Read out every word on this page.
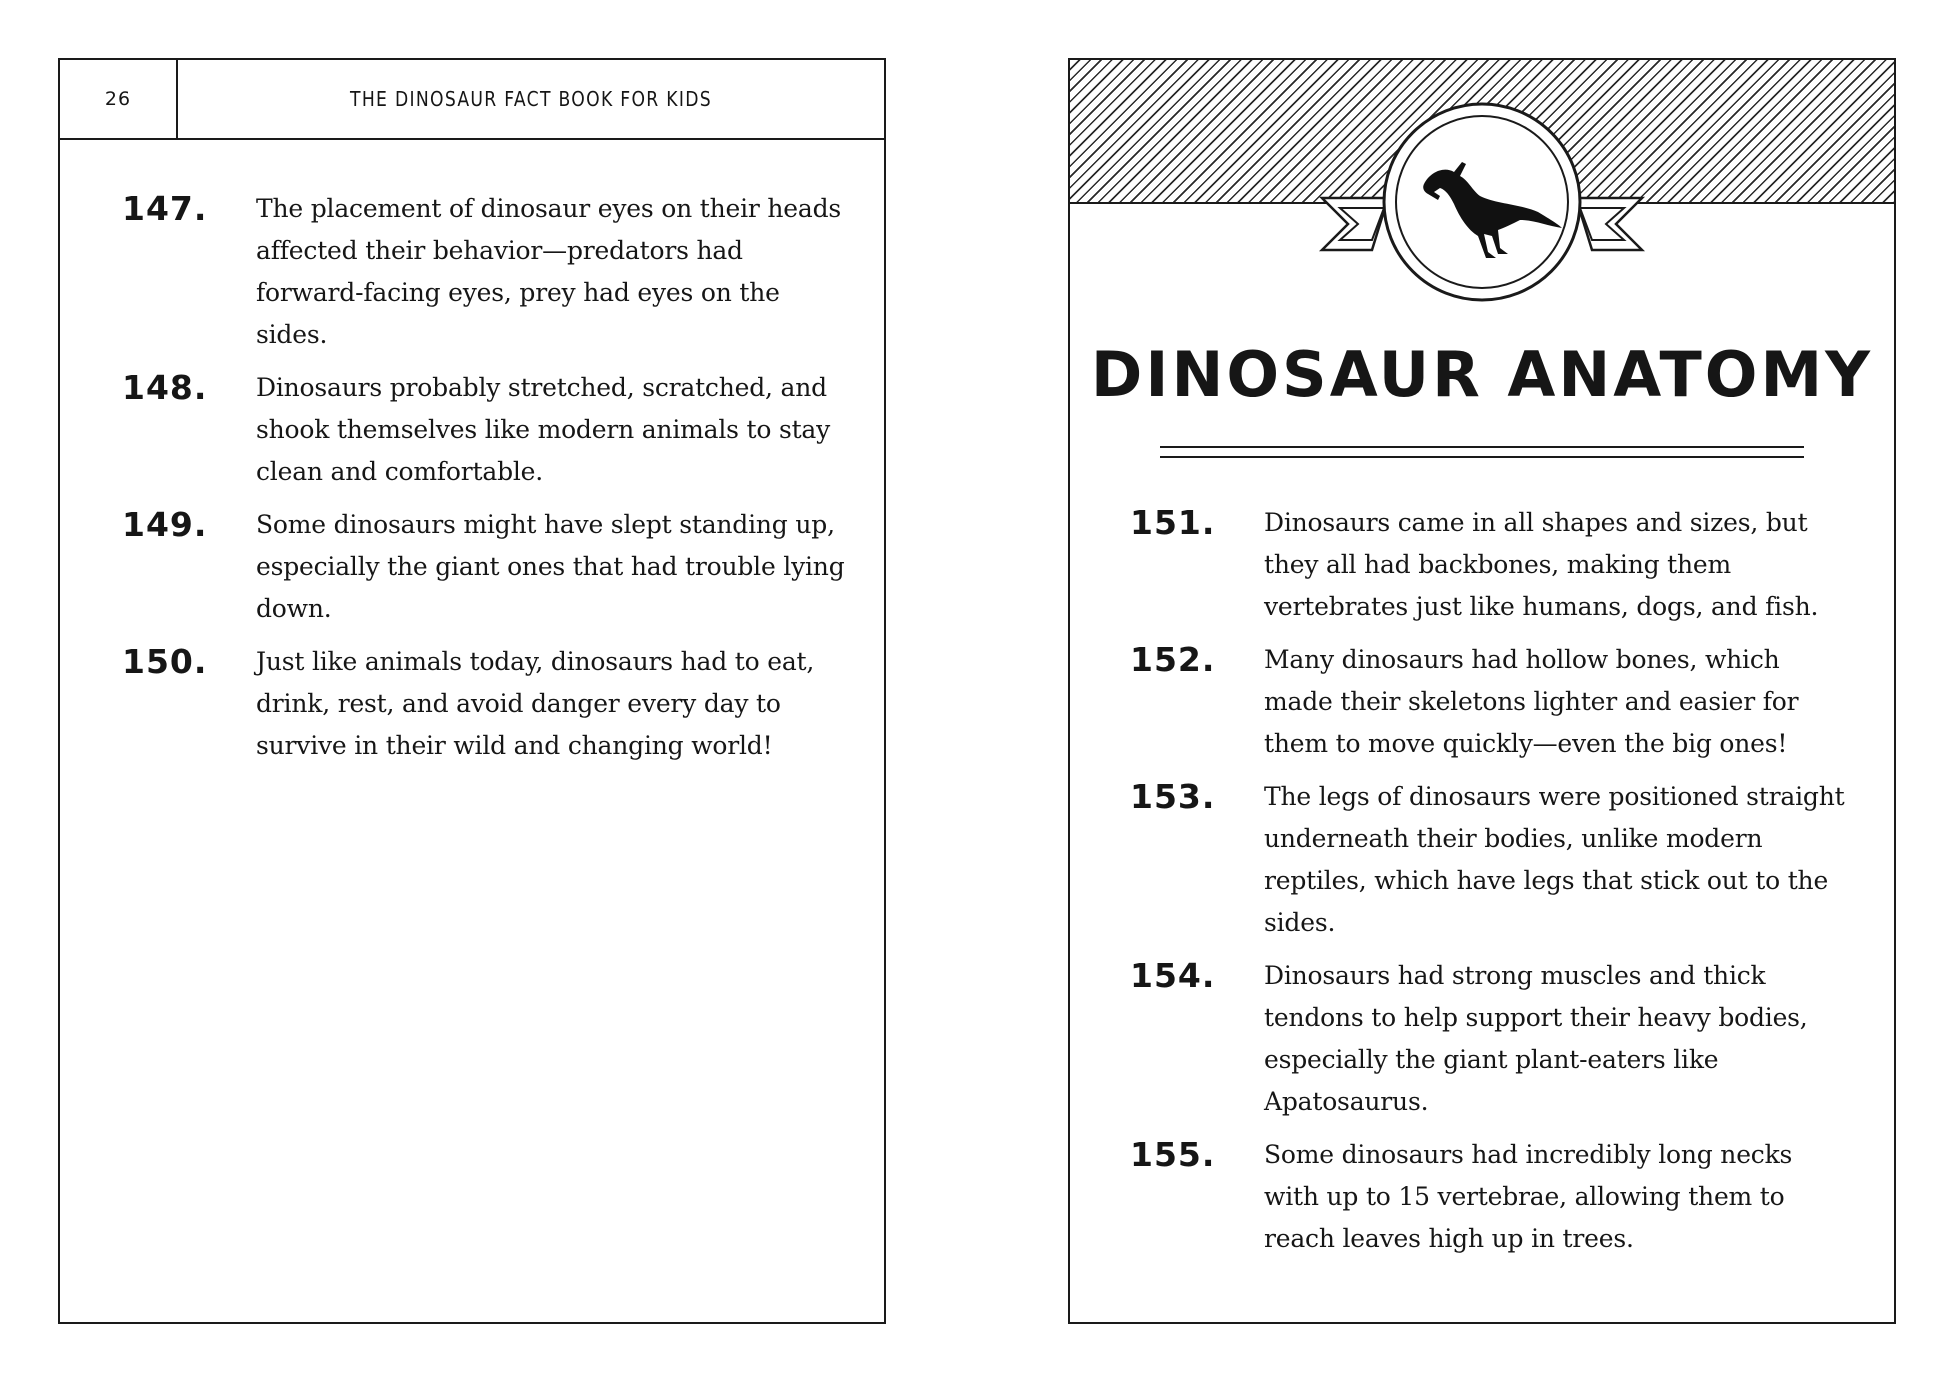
26	THE DINOSAUR FACT BOOK FOR KIDS
147. The placement of dinosaur eyes on their heads affected their behavior—predators had forward-facing eyes, prey had eyes on the sides.

148. Dinosaurs probably stretched, scratched, and shook themselves like modern animals to stay clean and comfortable.

149. Some dinosaurs might have slept standing up, especially the giant ones that had trouble lying down.

150. Just like animals today, dinosaurs had to eat, drink, rest, and avoid danger every day to survive in their wild and changing world!

DINOSAUR ANATOMY
151. Dinosaurs came in all shapes and sizes, but they all had backbones, making them vertebrates just like humans, dogs, and fish.

152. Many dinosaurs had hollow bones, which made their skeletons lighter and easier for them to move quickly—even the big ones!

153. The legs of dinosaurs were positioned straight underneath their bodies, unlike modern reptiles, which have legs that stick out to the sides.

154. Dinosaurs had strong muscles and thick tendons to help support their heavy bodies, especially the giant plant-eaters like Apatosaurus.

155. Some dinosaurs had incredibly long necks with up to 15 vertebrae, allowing them to reach leaves high up in trees.
